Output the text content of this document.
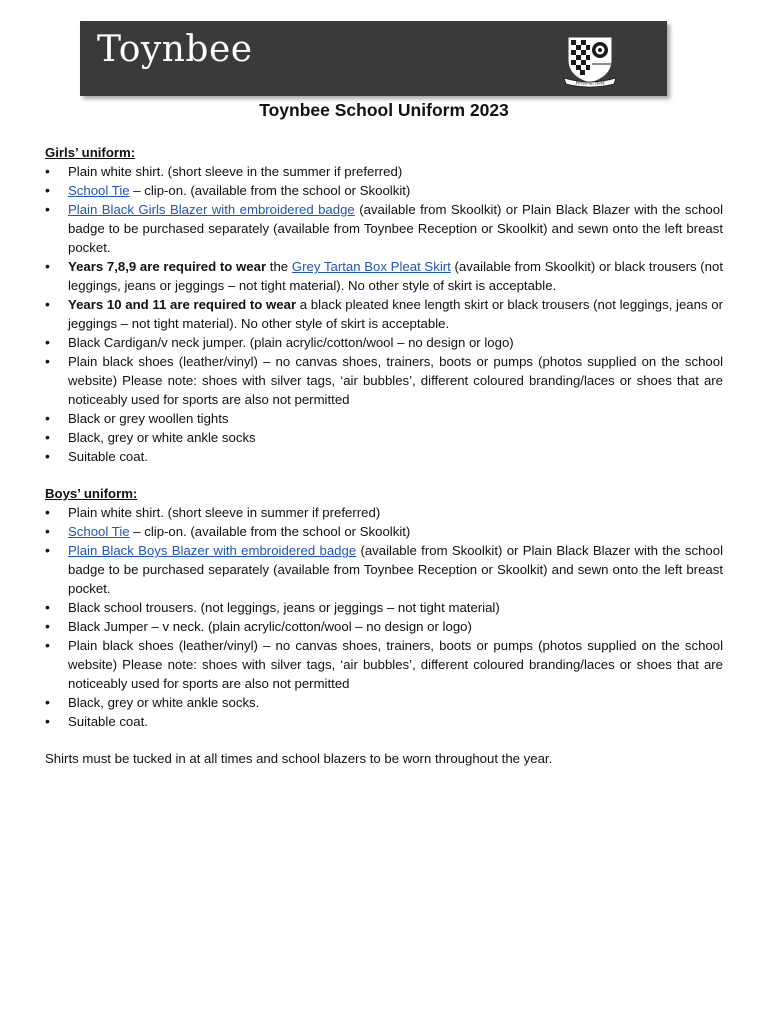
Toynbee
Personal Best
Toynbee School Uniform 2023
Girls’ uniform:
• Plain white shirt. (short sleeve in the summer if preferred)
• School Tie – clip-on. (available from the school or Skoolkit)
• Plain Black Girls Blazer with embroidered badge (available from Skoolkit) or Plain Black Blazer with the school badge to be purchased separately (available from Toynbee Reception or Skoolkit) and sewn onto the left breast pocket.
• Years 7,8,9 are required to wear the Grey Tartan Box Pleat Skirt (available from Skoolkit) or black trousers (not leggings, jeans or jeggings – not tight material). No other style of skirt is acceptable.
• Years 10 and 11 are required to wear a black pleated knee length skirt or black trousers (not leggings, jeans or jeggings – not tight material). No other style of skirt is acceptable.
• Black Cardigan/v neck jumper. (plain acrylic/cotton/wool – no design or logo)
• Plain black shoes (leather/vinyl) – no canvas shoes, trainers, boots or pumps (photos supplied on the school website) Please note: shoes with silver tags, ‘air bubbles’, different coloured branding/laces or shoes that are noticeably used for sports are also not permitted
• Black or grey woollen tights
• Black, grey or white ankle socks
• Suitable coat.
Boys’ uniform:
• Plain white shirt. (short sleeve in summer if preferred)
• School Tie – clip-on. (available from the school or Skoolkit)
• Plain Black Boys Blazer with embroidered badge (available from Skoolkit) or Plain Black Blazer with the school badge to be purchased separately (available from Toynbee Reception or Skoolkit) and sewn onto the left breast pocket.
• Black school trousers. (not leggings, jeans or jeggings – not tight material)
• Black Jumper – v neck. (plain acrylic/cotton/wool – no design or logo)
• Plain black shoes (leather/vinyl) – no canvas shoes, trainers, boots or pumps (photos supplied on the school website) Please note: shoes with silver tags, ‘air bubbles’, different coloured branding/laces or shoes that are noticeably used for sports are also not permitted
• Black, grey or white ankle socks.
• Suitable coat.
Shirts must be tucked in at all times and school blazers to be worn throughout the year.
